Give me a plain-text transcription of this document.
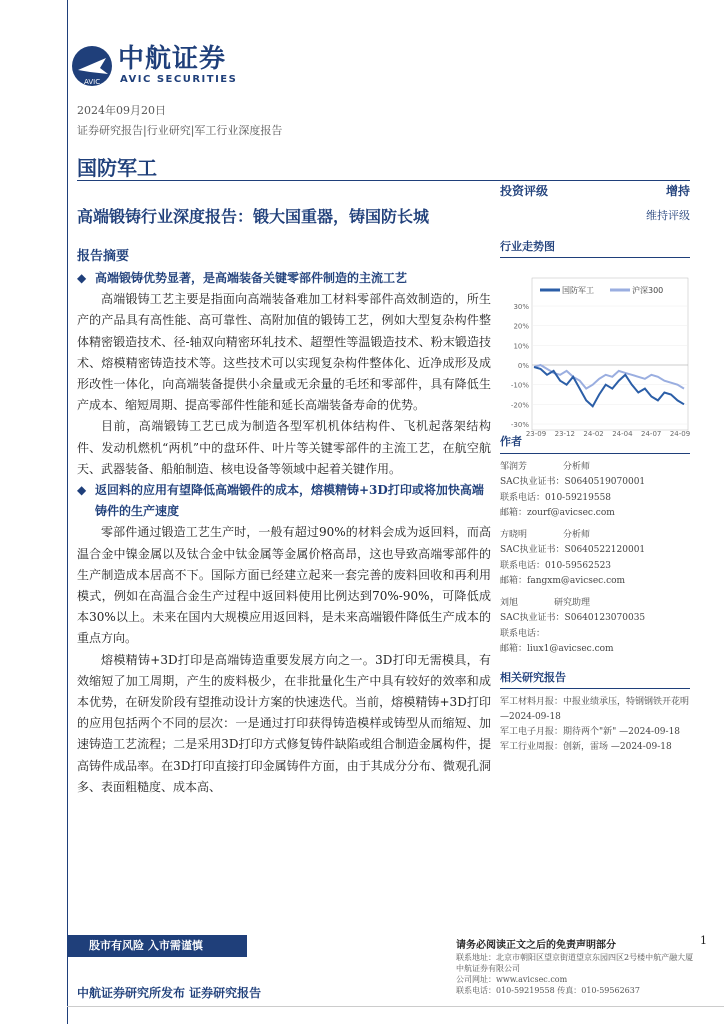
AVIC
中航证券
AVIC SECURITIES
2024年09月20日
证券研究报告|行业研究|军工行业深度报告
国防军工
高端锻铸行业深度报告：锻大国重器，铸国防长城
报告摘要

◆ 高端锻铸优势显著，是高端装备关键零部件制造的主流工艺

高端锻铸工艺主要是指面向高端装备难加工材料零部件高效制造的，所生产的产品具有高性能、高可靠性、高附加值的锻铸工艺，例如大型复杂构件整体精密锻造技术、径-轴双向精密环轧技术、超塑性等温锻造技术、粉末锻造技术、熔模精密铸造技术等。这些技术可以实现复杂构件整体化、近净成形及成形改性一体化，向高端装备提供小余量或无余量的毛坯和零部件，具有降低生产成本、缩短周期、提高零部件性能和延长高端装备寿命的优势。

目前，高端锻铸工艺已成为制造各型军机机体结构件、飞机起落架结构件、发动机燃机“两机”中的盘环件、叶片等关键零部件的主流工艺，在航空航天、武器装备、船舶制造、核电设备等领域中起着关键作用。

◆ 返回料的应用有望降低高端锻件的成本，熔模精铸+3D打印或将加快高端铸件的生产速度

零部件通过锻造工艺生产时，一般有超过90%的材料会成为返回料，而高温合金中镍金属以及钛合金中钛金属等金属价格高昂，这也导致高端零部件的生产制造成本居高不下。国际方面已经建立起来一套完善的废料回收和再利用模式，例如在高温合金生产过程中返回料使用比例达到70%-90%，可降低成本30%以上。未来在国内大规模应用返回料，是未来高端锻件降低生产成本的重点方向。

熔模精铸+3D打印是高端铸造重要发展方向之一。3D打印无需模具，有效缩短了加工周期，产生的废料极少，在非批量化生产中具有较好的效率和成本优势，在研发阶段有望推动设计方案的快速迭代。当前，熔模精铸+3D打印的应用包括两个不同的层次：一是通过打印获得铸造模样或铸型从而缩短、加速铸造工艺流程；二是采用3D打印方式修复铸件缺陷或组合制造金属构件，提高铸件成品率。在3D打印直接打印金属铸件方面，由于其成分分布、微观孔洞多、表面粗糙度、成本高、

投资评级	增持
维持评级
行业走势图
国防军工	沪深300
30%
20%
10%
0%
-10%
-20%
-30%
23-09 23-12 24-02 24-04 24-07 24-09
作者
邹润芳    	分析师
SAC执业证书：S0640519070001
联系电话：010-59219558
邮箱：zourf@avicsec.com
方晓明    	分析师
SAC执业证书：S0640522120001
联系电话：010-59562523
邮箱：fangxm@avicsec.com
刘旭    	研究助理
SAC执业证书：S0640123070035
联系电话：
邮箱：liux1@avicsec.com
相关研究报告
军工材料月报：中报业绩承压，特钢钢铁开花明 —2024-09-18
军工电子月报：期待两个"新" —2024-09-18
军工行业周报：创新，雷场 —2024-09-18
股市有风险 入市需谨慎	请务必阅读正文之后的免责声明部分	1
联系地址：北京市朝阳区望京街道望京东园四区2号楼中航产融大厦中航证券有限公司
公司网址：www.avicsec.com
联系电话：010-59219558 传真：010-59562637
中航证券研究所发布 证券研究报告
